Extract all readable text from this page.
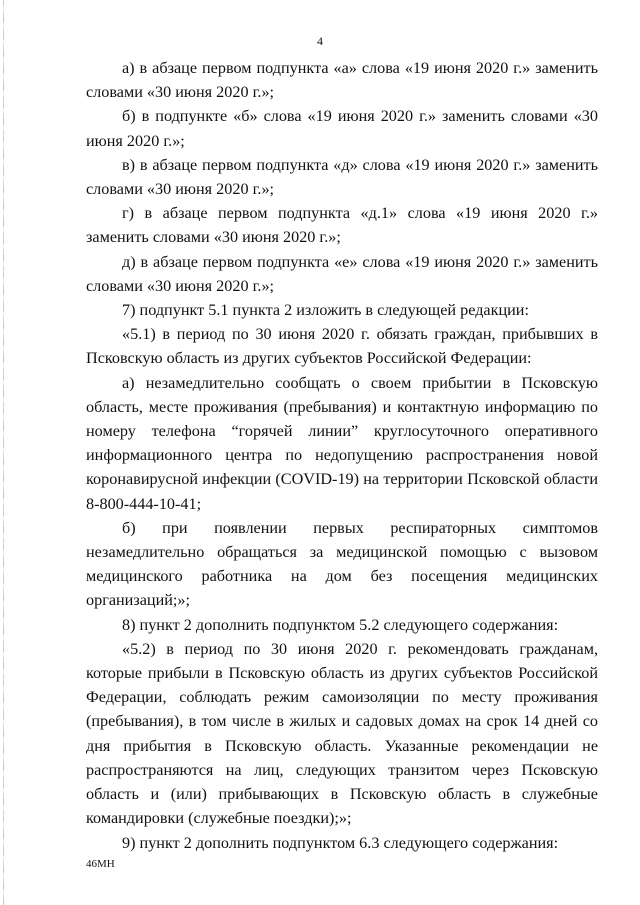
4

а) в абзаце первом подпункта «а» слова «19 июня 2020 г.» заменить словами «30 июня 2020 г.»;

б) в подпункте «б» слова «19 июня 2020 г.» заменить словами «30 июня 2020 г.»;

в) в абзаце первом подпункта «д» слова «19 июня 2020 г.» заменить словами «30 июня 2020 г.»;

г) в абзаце первом подпункта «д.1» слова «19 июня 2020 г.» заменить словами «30 июня 2020 г.»;

д) в абзаце первом подпункта «е» слова «19 июня 2020 г.» заменить словами «30 июня 2020 г.»;

7) подпункт 5.1 пункта 2 изложить в следующей редакции:

«5.1) в период по 30 июня 2020 г. обязать граждан, прибывших в Псковскую область из других субъектов Российской Федерации:

а) незамедлительно сообщать о своем прибытии в Псковскую область, месте проживания (пребывания) и контактную информацию по номеру телефона “горячей линии” круглосуточного оперативного информационного центра по недопущению распространения новой коронавирусной инфекции (COVID-19) на территории Псковской области 8-800-444-10-41;

б) при появлении первых респираторных симптомов незамедлительно обращаться за медицинской помощью с вызовом медицинского работника на дом без посещения медицинских организаций;»;

8) пункт 2 дополнить подпунктом 5.2 следующего содержания:

«5.2) в период по 30 июня 2020 г. рекомендовать гражданам, которые прибыли в Псковскую область из других субъектов Российской Федерации, соблюдать режим самоизоляции по месту проживания (пребывания), в том числе в жилых и садовых домах на срок 14 дней со дня прибытия в Псковскую область. Указанные рекомендации не распространяются на лиц, следующих транзитом через Псковскую область и (или) прибывающих в Псковскую область в служебные командировки (служебные поездки);»;

9) пункт 2 дополнить подпунктом 6.3 следующего содержания:

46МН
